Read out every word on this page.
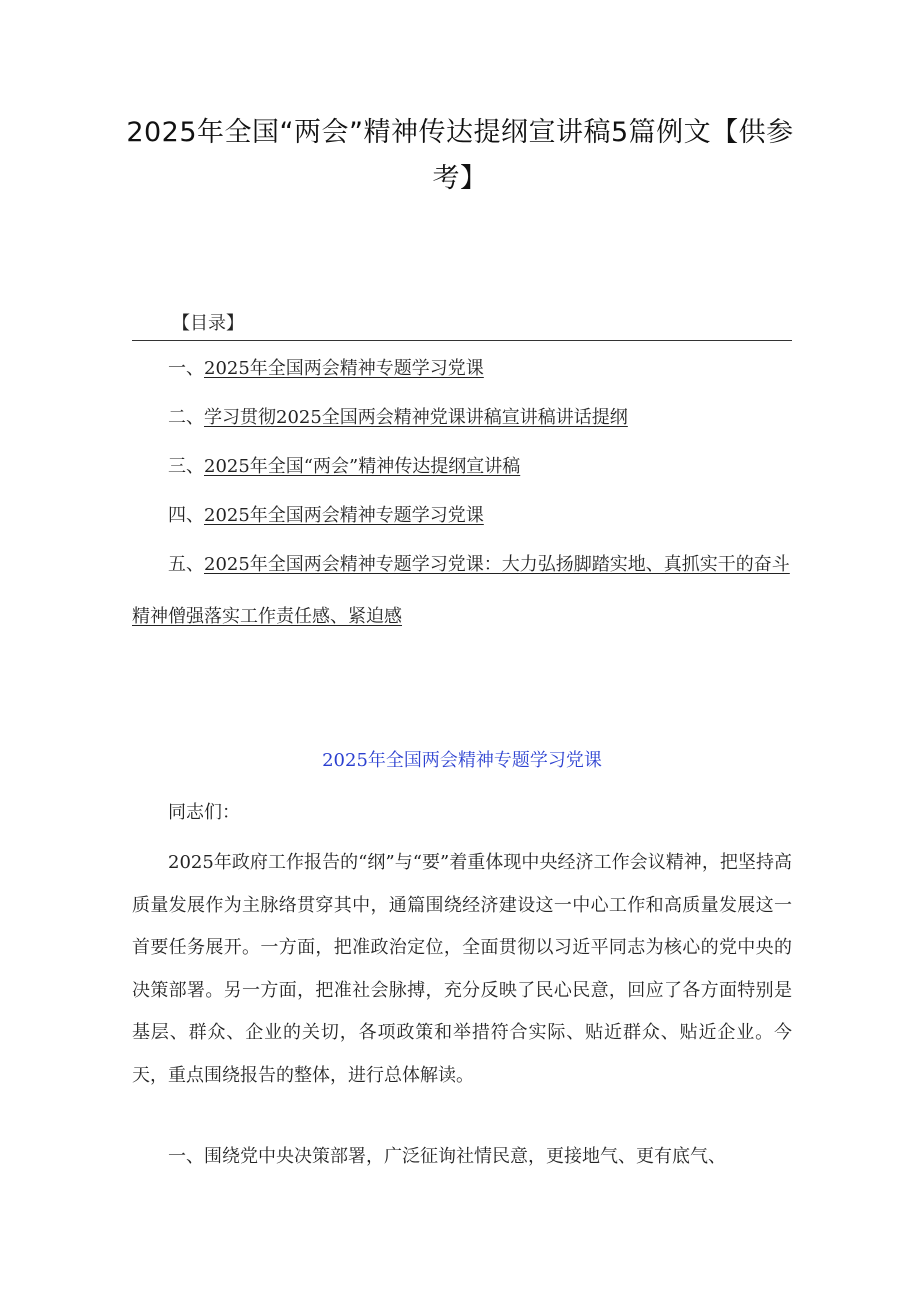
2025年全国“两会”精神传达提纲宣讲稿5篇例文【供参考】
【目录】
一、2025年全国两会精神专题学习党课
二、学习贯彻2025全国两会精神党课讲稿宣讲稿讲话提纲
三、2025年全国“两会”精神传达提纲宣讲稿
四、2025年全国两会精神专题学习党课
五、2025年全国两会精神专题学习党课：大力弘扬脚踏实地、真抓实干的奋斗精神僧强落实工作责任感、紧迫感
2025年全国两会精神专题学习党课

同志们：

2025年政府工作报告的“纲”与“要”着重体现中央经济工作会议精神，把坚持高质量发展作为主脉络贯穿其中，通篇围绕经济建设这一中心工作和高质量发展这一首要任务展开。一方面，把准政治定位，全面贯彻以习近平同志为核心的党中央的决策部署。另一方面，把准社会脉搏，充分反映了民心民意，回应了各方面特别是基层、群众、企业的关切，各项政策和举措符合实际、贴近群众、贴近企业。今天，重点围绕报告的整体，进行总体解读。

一、围绕党中央决策部署，广泛征询社情民意，更接地气、更有底气、
